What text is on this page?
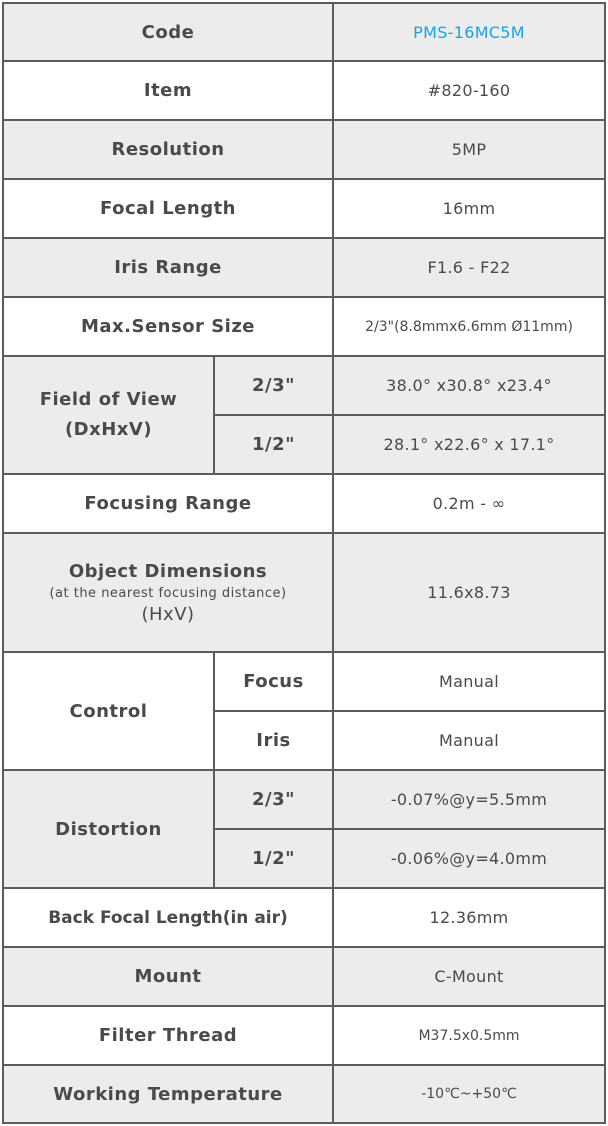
Code		PMS-16MC5M
Item		#820-160
Resolution		5MP
Focal Length		16mm
Iris Range		F1.6 - F22
Max.Sensor Size		2/3"(8.8mmx6.6mm Ø11mm)

Field of View
(DxHxV)	2/3"	38.0° x30.8° x23.4°
	1/2"	28.1° x22.6° x 17.1°
Focusing Range		0.2m - ∞

Object Dimensions
(at the nearest focusing distance)
(HxV)		11.6x8.73
Control	Focus	Manual
	Iris	Manual
Distortion	2/3"	-0.07%@y=5.5mm
	1/2"	-0.06%@y=4.0mm
Back Focal Length(in air)		12.36mm
Mount		C-Mount
Filter Thread		M37.5x0.5mm
Working Temperature		-10℃~+50℃
